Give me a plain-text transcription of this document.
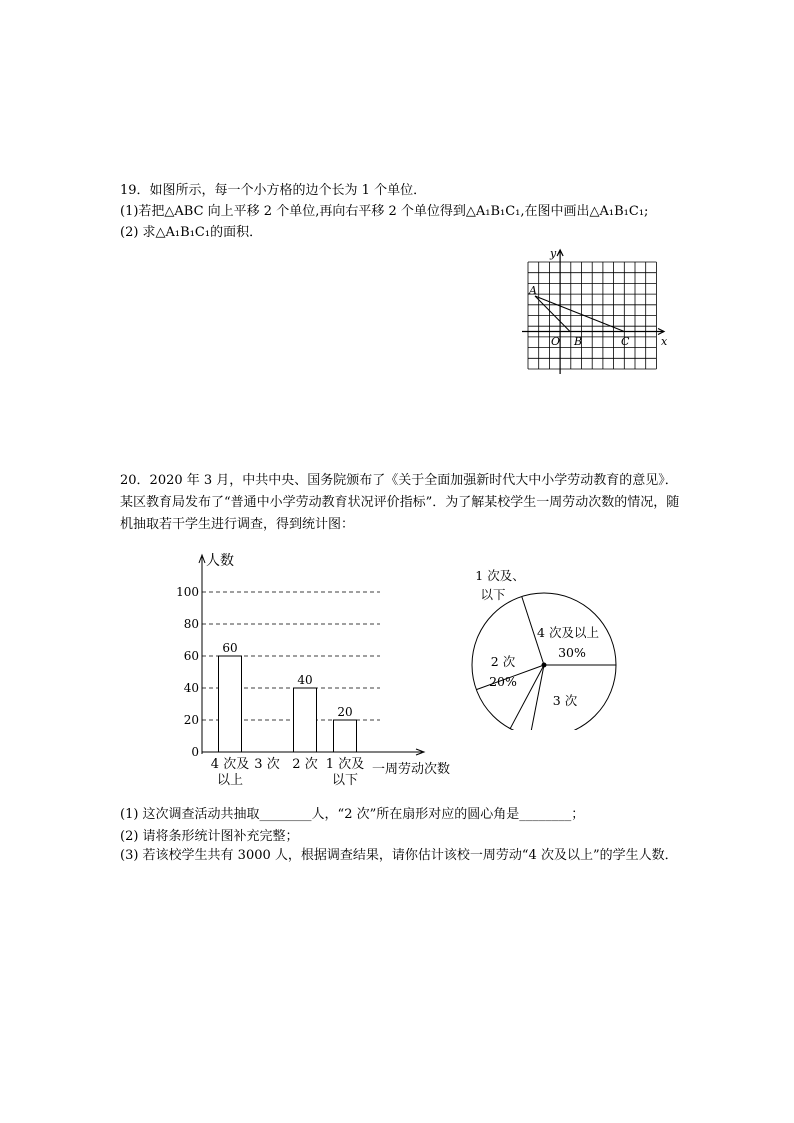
19．如图所示，每一个小方格的边个长为 1 个单位．
(1)若把△ABC 向上平移 2 个单位,再向右平移 2 个单位得到△A₁B₁C₁,在图中画出△A₁B₁C₁;
(2) 求△A₁B₁C₁的面积．
y
x
A
O B	C
20．2020 年 3 月，中共中央、国务院颁布了《关于全面加强新时代大中小学劳动教育的意见》．某区教育局发布了“普通中小学劳动教育状况评价指标”．为了解某校学生一周劳动次数的情况，随机抽取若干学生进行调查，得到统计图：
0
20
40
60
80
100
人数
60
4 次及
以上
3 次
40
2 次
20
1 次及
以下
一周劳动次数
4 次及以上
30%
3 次
2 次
20%
1 次及、
以下
(1) 这次调查活动共抽取________人，“2 次”所在扇形对应的圆心角是________；
(2) 请将条形统计图补充完整；
(3) 若该校学生共有 3000 人，根据调查结果，请你估计该校一周劳动“4 次及以上”的学生人数．
